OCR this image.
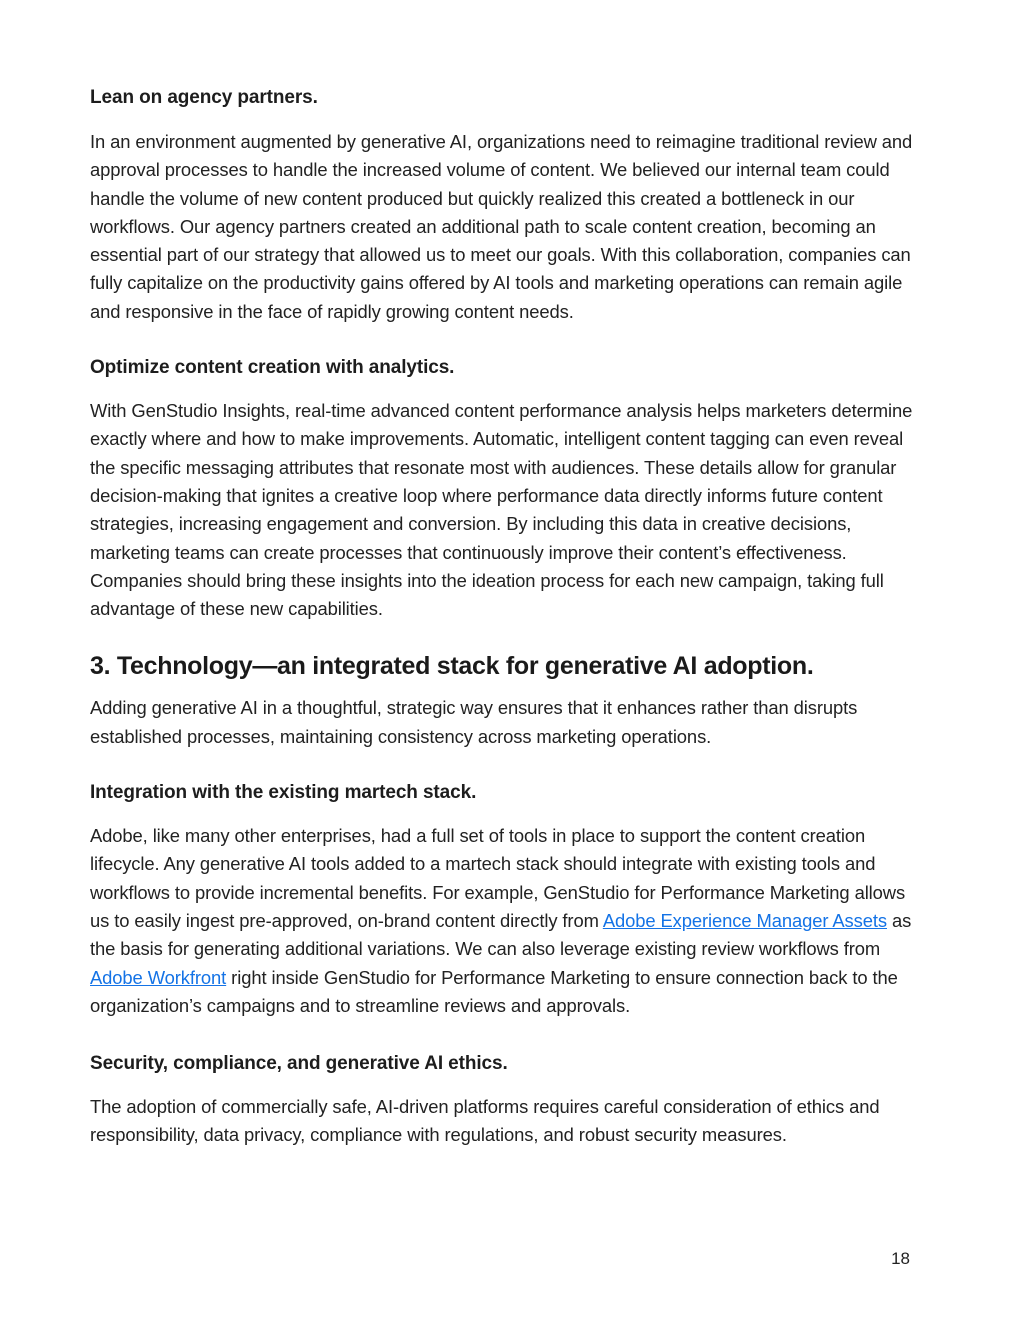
Lean on agency partners.

In an environment augmented by generative AI, organizations need to reimagine traditional review and approval processes to handle the increased volume of content. We believed our internal team could handle the volume of new content produced but quickly realized this created a bottleneck in our workflows. Our agency partners created an additional path to scale content creation, becoming an essential part of our strategy that allowed us to meet our goals. With this collaboration, companies can fully capitalize on the productivity gains offered by AI tools and marketing operations can remain agile and responsive in the face of rapidly growing content needs.

Optimize content creation with analytics.

With GenStudio Insights, real-time advanced content performance analysis helps marketers determine exactly where and how to make improvements. Automatic, intelligent content tagging can even reveal the specific messaging attributes that resonate most with audiences. These details allow for granular decision-making that ignites a creative loop where performance data directly informs future content strategies, increasing engagement and conversion. By including this data in creative decisions, marketing teams can create processes that continuously improve their content’s effectiveness. Companies should bring these insights into the ideation process for each new campaign, taking full advantage of these new capabilities.

3. Technology—an integrated stack for generative AI adoption.

Adding generative AI in a thoughtful, strategic way ensures that it enhances rather than disrupts established processes, maintaining consistency across marketing operations.

Integration with the existing martech stack.

Adobe, like many other enterprises, had a full set of tools in place to support the content creation lifecycle. Any generative AI tools added to a martech stack should integrate with existing tools and workflows to provide incremental benefits. For example, GenStudio for Performance Marketing allows us to easily ingest pre-approved, on-brand content directly from Adobe Experience Manager Assets as the basis for generating additional variations. We can also leverage existing review workflows from Adobe Workfront right inside GenStudio for Performance Marketing to ensure connection back to the organization’s campaigns and to streamline reviews and approvals.

Security, compliance, and generative AI ethics.

The adoption of commercially safe, AI-driven platforms requires careful consideration of ethics and responsibility, data privacy, compliance with regulations, and robust security measures.

18
